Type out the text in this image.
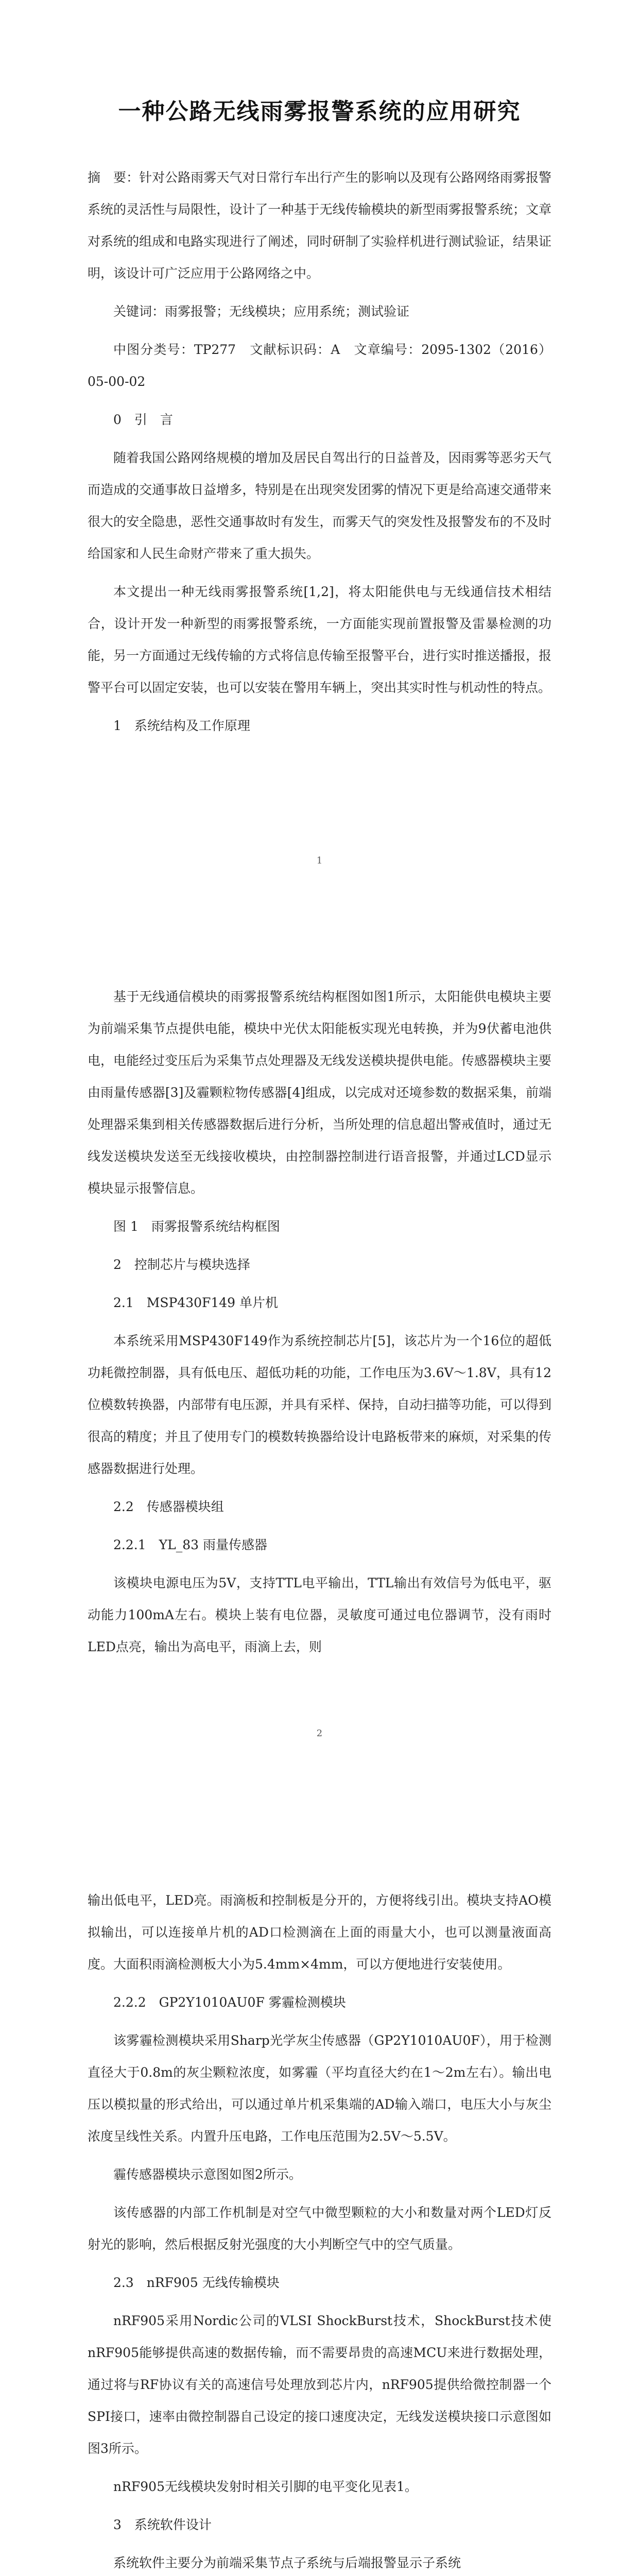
一种公路无线雨雾报警系统的应用研究

摘　要：针对公路雨雾天气对日常行车出行产生的影响以及现有公路网络雨雾报警系统的灵活性与局限性，设计了一种基于无线传输模块的新型雨雾报警系统；文章对系统的组成和电路实现进行了阐述，同时研制了实验样机进行测试验证，结果证明，该设计可广泛应用于公路网络之中。

关键词：雨雾报警；无线模块；应用系统；测试验证

中图分类号：TP277　文献标识码：A　文章编号：2095-1302（2016）05-00-02

0　引　言

随着我国公路网络规模的增加及居民自驾出行的日益普及，因雨雾等恶劣天气而造成的交通事故日益增多，特别是在出现突发团雾的情况下更是给高速交通带来很大的安全隐患，恶性交通事故时有发生，而雾天气的突发性及报警发布的不及时给国家和人民生命财产带来了重大损失。

本文提出一种无线雨雾报警系统[1,2]，将太阳能供电与无线通信技术相结合，设计开发一种新型的雨雾报警系统，一方面能实现前置报警及雷暴检测的功能，另一方面通过无线传输的方式将信息传输至报警平台，进行实时推送播报，报警平台可以固定安装，也可以安装在警用车辆上，突出其实时性与机动性的特点。

1　系统结构及工作原理

1

基于无线通信模块的雨雾报警系统结构框图如图1所示，太阳能供电模块主要为前端采集节点提供电能，模块中光伏太阳能板实现光电转换，并为9伏蓄电池供电，电能经过变压后为采集节点处理器及无线发送模块提供电能。传感器模块主要由雨量传感器[3]及霾颗粒物传感器[4]组成，以完成对还境参数的数据采集，前端处理器采集到相关传感器数据后进行分析，当所处理的信息超出警戒值时，通过无线发送模块发送至无线接收模块，由控制器控制进行语音报警，并通过LCD显示模块显示报警信息。

图 1　雨雾报警系统结构框图

2　控制芯片与模块选择

2.1　MSP430F149 单片机

本系统采用MSP430F149作为系统控制芯片[5]，该芯片为一个16位的超低功耗微控制器，具有低电压、超低功耗的功能，工作电压为3.6V～1.8V，具有12位模数转换器，内部带有电压源，并具有采样、保持，自动扫描等功能，可以得到很高的精度；并且了使用专门的模数转换器给设计电路板带来的麻烦，对采集的传感器数据进行处理。

2.2　传感器模块组

2.2.1　YL_83 雨量传感器

该模块电源电压为5V，支持TTL电平输出，TTL输出有效信号为低电平，驱动能力100mA左右。模块上装有电位器，灵敏度可通过电位器调节，没有雨时LED点亮，输出为高电平，雨滴上去，则

2

输出低电平，LED亮。雨滴板和控制板是分开的，方便将线引出。模块支持AO模拟输出，可以连接单片机的AD口检测滴在上面的雨量大小，也可以测量液面高度。大面积雨滴检测板大小为5.4mm×4mm，可以方便地进行安装使用。

2.2.2　GP2Y1010AU0F 雾霾检测模块

该雾霾检测模块采用Sharp光学灰尘传感器（GP2Y1010AU0F），用于检测直径大于0.8m的灰尘颗粒浓度，如雾霾（平均直径大约在1～2m左右）。输出电压以模拟量的形式给出，可以通过单片机采集端的AD输入端口，电压大小与灰尘浓度呈线性关系。内置升压电路，工作电压范围为2.5V～5.5V。

霾传感器模块示意图如图2所示。

该传感器的内部工作机制是对空气中微型颗粒的大小和数量对两个LED灯反射光的影响，然后根据反射光强度的大小判断空气中的空气质量。

2.3　nRF905 无线传输模块

nRF905采用Nordic公司的VLSI ShockBurst技术，ShockBurst技术使nRF905能够提供高速的数据传输，而不需要昂贵的高速MCU来进行数据处理，通过将与RF协议有关的高速信号处理放到芯片内，nRF905提供给微控制器一个SPI接口，速率由微控制器自己设定的接口速度决定，无线发送模块接口示意图如图3所示。

nRF905无线模块发射时相关引脚的电平变化见表1。

3　系统软件设计

系统软件主要分为前端采集节点子系统与后端报警显示子系统
